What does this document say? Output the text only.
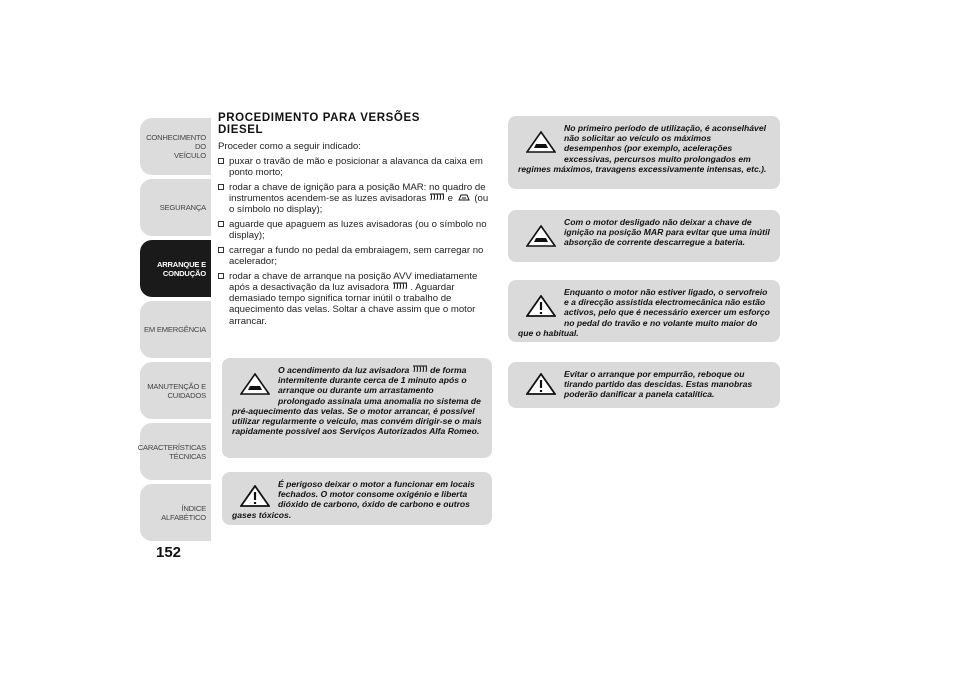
CONHECIMENTO DO
VEÍCULO
SEGURANÇA
ARRANQUE E
CONDUÇÃO
EM EMERGÊNCIA
MANUTENÇÃO E
CUIDADOS
CARACTERÍSTICAS
TÉCNICAS
ÍNDICE ALFABÉTICO
152
PROCEDIMENTO PARA VERSÕES DIESEL

Proceder como a seguir indicado:

puxar o travão de mão e posicionar a alavanca da caixa em ponto morto;
rodar a chave de ignição para a posição MAR: no quadro de instrumentos acendem-se as luzes avisadoras e (ou o símbolo no display);
aguarde que apaguem as luzes avisadoras (ou o símbolo no display);
carregar a fundo no pedal da embraiagem, sem carregar no acelerador;
rodar a chave de arranque na posição AVV imediatamente após a desactivação da luz avisadora . Aguardar demasiado tempo significa tornar inútil o trabalho de aquecimento das velas. Soltar a chave assim que o motor arrancar.

O acendimento da luz avisadora de forma intermitente durante cerca de 1 minuto após o arranque ou durante um arrastamento prolongado assinala uma anomalia no sistema de pré-aquecimento das velas. Se o motor arrancar, é possível utilizar regularmente o veículo, mas convém dirigir-se o mais rapidamente possível aos Serviços Autorizados Alfa Romeo.

É perigoso deixar o motor a funcionar em locais fechados. O motor consome oxigénio e liberta dióxido de carbono, óxido de carbono e outros gases tóxicos.

No primeiro período de utilização, é aconselhável não solicitar ao veículo os máximos desempenhos (por exemplo, acelerações excessivas, percursos muito prolongados em regimes máximos, travagens excessivamente intensas, etc.).

Com o motor desligado não deixar a chave de ignição na posição MAR para evitar que uma inútil absorção de corrente descarregue a bateria.

Enquanto o motor não estiver ligado, o servofreio e a direcção assistida electromecânica não estão activos, pelo que é necessário exercer um esforço no pedal do travão e no volante muito maior do que o habitual.

Evitar o arranque por empurrão, reboque ou tirando partido das descidas. Estas manobras poderão danificar a panela catalítica.
